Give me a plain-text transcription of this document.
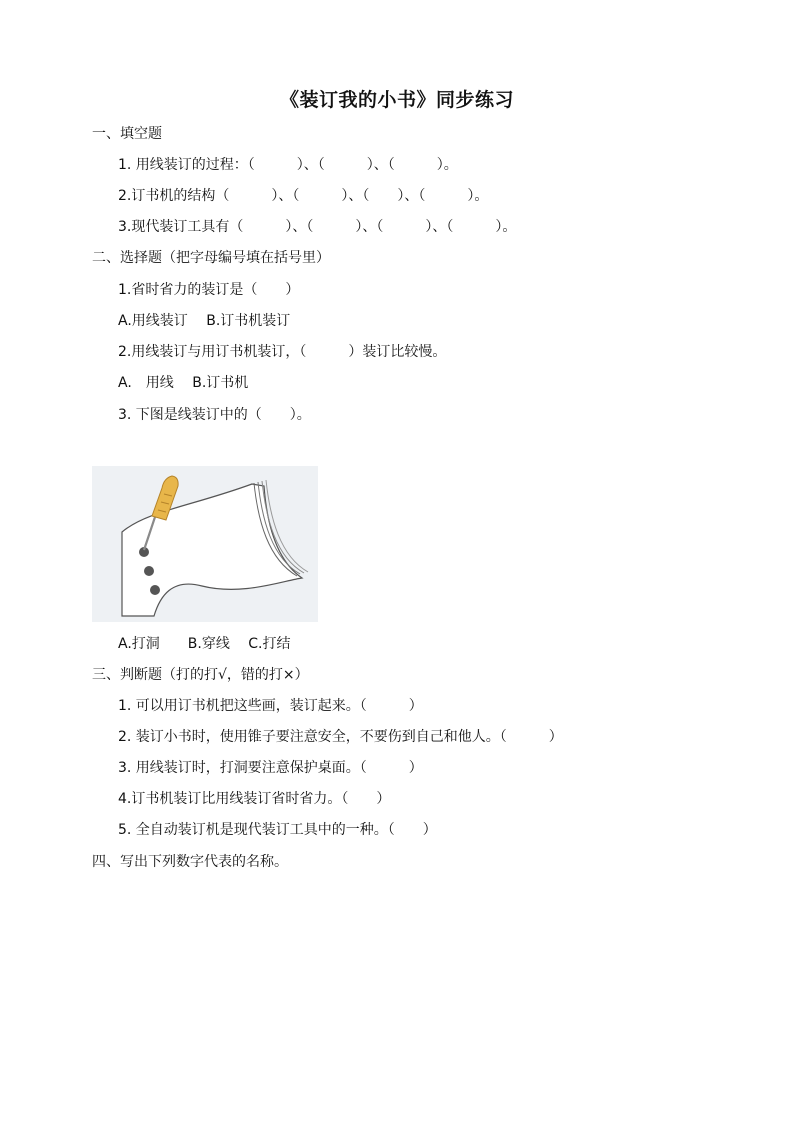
《装订我的小书》同步练习
一、填空题
1. 用线装订的过程：（　　　）、（　　　）、（　　　）。
2.订书机的结构（　　　）、（　　　）、（　　）、（　　　）。
3.现代装订工具有（　　　）、（　　　）、（　　　）、（　　　）。
二、选择题（把字母编号填在括号里）
1.省时省力的装订是（　　）
A.用线装订　 B.订书机装订
2.用线装订与用订书机装订，（　　　）装订比较慢。
A.　用线　 B.订书机
3. 下图是线装订中的（　　）。
A.打洞　　B.穿线　 C.打结
三、判断题（打的打√，错的打×）
1. 可以用订书机把这些画，装订起来。（　　　）
2. 装订小书时，使用锥子要注意安全，不要伤到自己和他人。（　　　）
3. 用线装订时，打洞要注意保护桌面。（　　　）
4.订书机装订比用线装订省时省力。（　　）
5. 全自动装订机是现代装订工具中的一种。（　　）
四、写出下列数字代表的名称。
